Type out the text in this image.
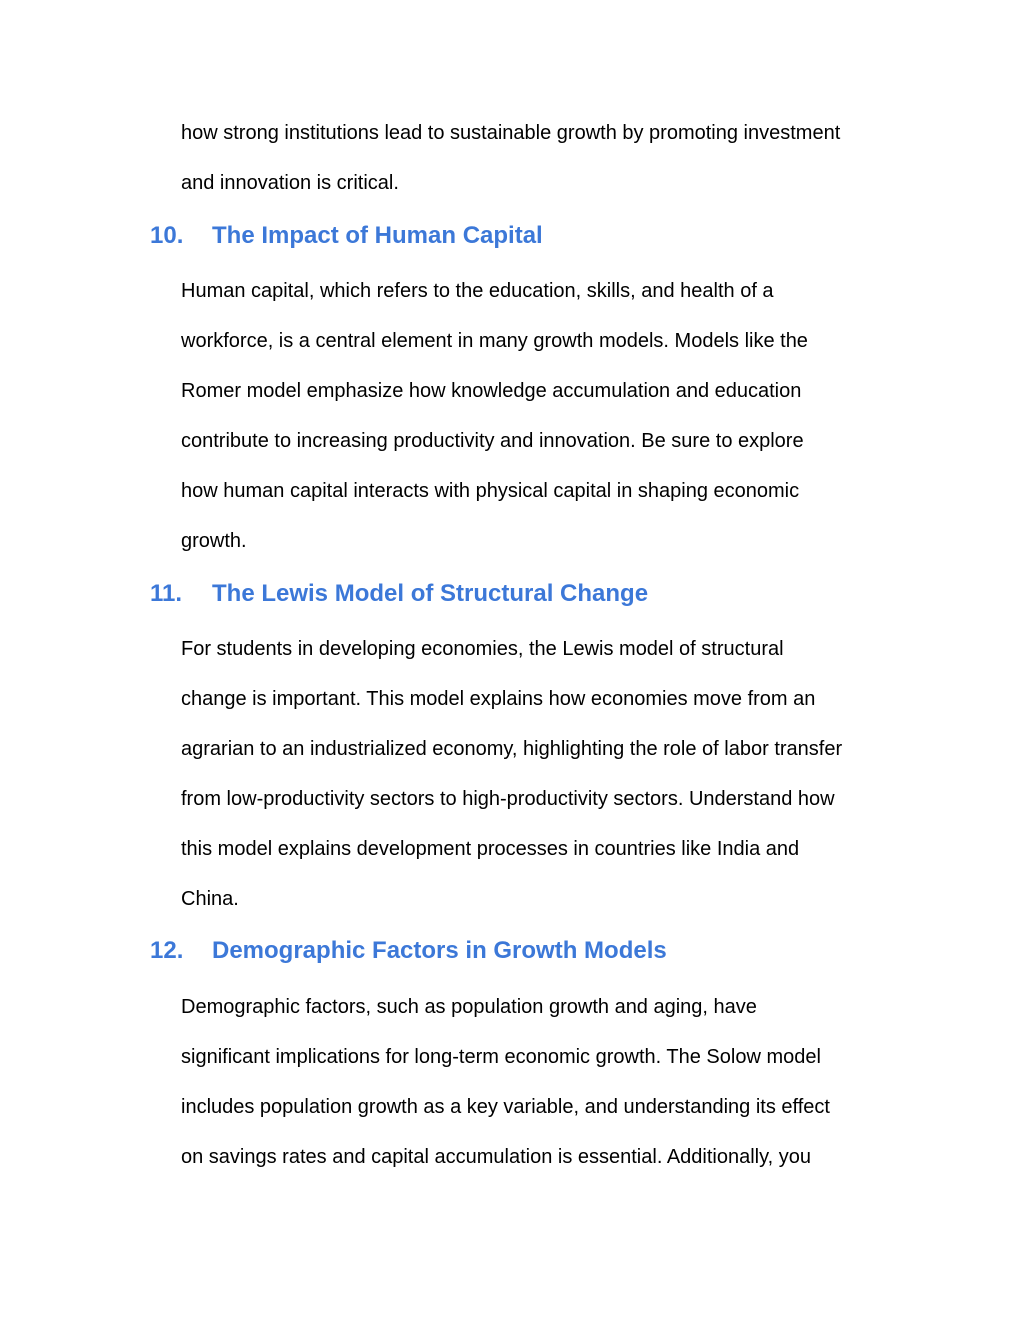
how strong institutions lead to sustainable growth by promoting investment
and innovation is critical.

10. The Impact of Human Capital

Human capital, which refers to the education, skills, and health of a
workforce, is a central element in many growth models. Models like the
Romer model emphasize how knowledge accumulation and education
contribute to increasing productivity and innovation. Be sure to explore
how human capital interacts with physical capital in shaping economic
growth.

11. The Lewis Model of Structural Change

For students in developing economies, the Lewis model of structural
change is important. This model explains how economies move from an
agrarian to an industrialized economy, highlighting the role of labor transfer
from low-productivity sectors to high-productivity sectors. Understand how
this model explains development processes in countries like India and
China.

12. Demographic Factors in Growth Models

Demographic factors, such as population growth and aging, have
significant implications for long-term economic growth. The Solow model
includes population growth as a key variable, and understanding its effect
on savings rates and capital accumulation is essential. Additionally, you
